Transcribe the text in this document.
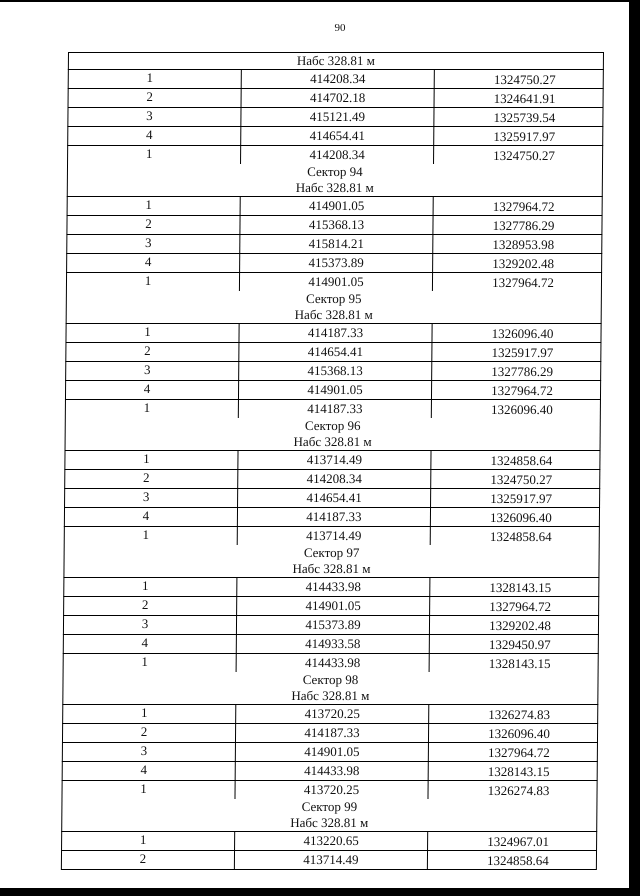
90
Набс 328.81 м
1	414208.34	1324750.27
2	414702.18	1324641.91
3	415121.49	1325739.54
4	414654.41	1325917.97
1	414208.34	1324750.27
Сектор 94
Набс 328.81 м
1	414901.05	1327964.72
2	415368.13	1327786.29
3	415814.21	1328953.98
4	415373.89	1329202.48
1	414901.05	1327964.72
Сектор 95
Набс 328.81 м
1	414187.33	1326096.40
2	414654.41	1325917.97
3	415368.13	1327786.29
4	414901.05	1327964.72
1	414187.33	1326096.40
Сектор 96
Набс 328.81 м
1	413714.49	1324858.64
2	414208.34	1324750.27
3	414654.41	1325917.97
4	414187.33	1326096.40
1	413714.49	1324858.64
Сектор 97
Набс 328.81 м
1	414433.98	1328143.15
2	414901.05	1327964.72
3	415373.89	1329202.48
4	414933.58	1329450.97
1	414433.98	1328143.15
Сектор 98
Набс 328.81 м
1	413720.25	1326274.83
2	414187.33	1326096.40
3	414901.05	1327964.72
4	414433.98	1328143.15
1	413720.25	1326274.83
Сектор 99
Набс 328.81 м
1	413220.65	1324967.01
2	413714.49	1324858.64
